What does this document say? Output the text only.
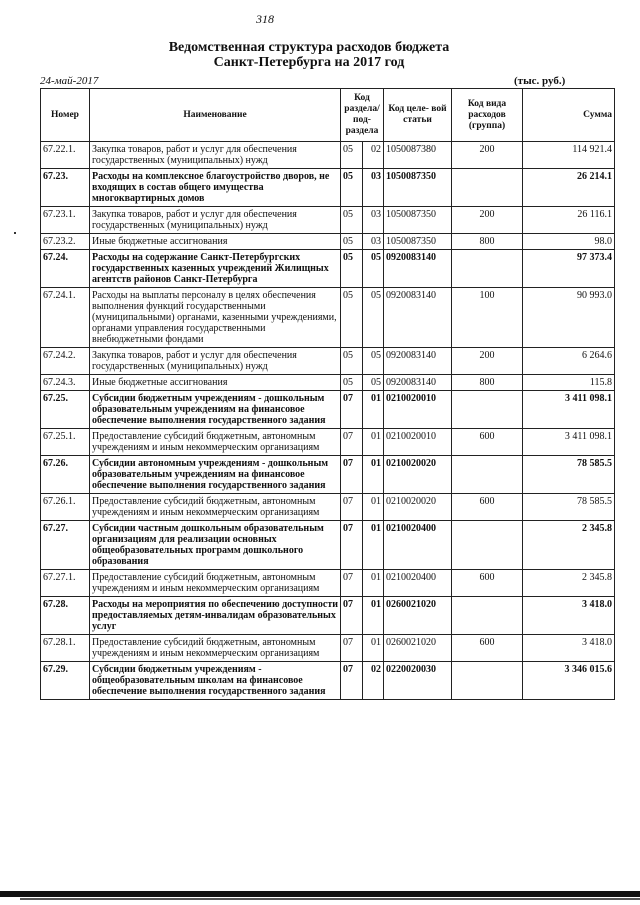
318
Ведомственная структура расходов бюджета
Санкт-Петербурга на 2017 год
24-май-2017	(тыс. руб.)
Номер	Наименование	Код раздела/ под- раздела		Код целе- вой статьи	Код вида расходов (группа)	Сумма
67.22.1.	Закупка товаров, работ и услуг для обеспечения государственных (муниципальных) нужд	05	02	1050087380	200	114 921.4
67.23.	Расходы на комплексное благоустройство дворов, не входящих в состав общего имущества многоквартирных домов	05	03	1050087350		26 214.1
67.23.1.	Закупка товаров, работ и услуг для обеспечения государственных (муниципальных) нужд	05	03	1050087350	200	26 116.1
67.23.2.	Иные бюджетные ассигнования	05	03	1050087350	800	98.0
67.24.	Расходы на содержание Санкт-Петербургских государственных казенных учреждений Жилищных агентств районов Санкт-Петербурга	05	05	0920083140		97 373.4
67.24.1.	Расходы на выплаты персоналу в целях обеспечения выполнения функций государственными (муниципальными) органами, казенными учреждениями, органами управления государственными внебюджетными фондами	05	05	0920083140	100	90 993.0
67.24.2.	Закупка товаров, работ и услуг для обеспечения государственных (муниципальных) нужд	05	05	0920083140	200	6 264.6
67.24.3.	Иные бюджетные ассигнования	05	05	0920083140	800	115.8
67.25.	Субсидии бюджетным учреждениям - дошкольным образовательным учреждениям на финансовое обеспечение выполнения государственного задания	07	01	0210020010		3 411 098.1
67.25.1.	Предоставление субсидий бюджетным, автономным учреждениям и иным некоммерческим организациям	07	01	0210020010	600	3 411 098.1
67.26.	Субсидии автономным учреждениям - дошкольным образовательным учреждениям на финансовое обеспечение выполнения государственного задания	07	01	0210020020		78 585.5
67.26.1.	Предоставление субсидий бюджетным, автономным учреждениям и иным некоммерческим организациям	07	01	0210020020	600	78 585.5
67.27.	Субсидии частным дошкольным образовательным организациям для реализации основных общеобразовательных программ дошкольного образования	07	01	0210020400		2 345.8
67.27.1.	Предоставление субсидий бюджетным, автономным учреждениям и иным некоммерческим организациям	07	01	0210020400	600	2 345.8
67.28.	Расходы на мероприятия по обеспечению доступности предоставляемых детям-инвалидам образовательных услуг	07	01	0260021020		3 418.0
67.28.1.	Предоставление субсидий бюджетным, автономным учреждениям и иным некоммерческим организациям	07	01	0260021020	600	3 418.0
67.29.	Субсидии бюджетным учреждениям - общеобразовательным школам на финансовое обеспечение выполнения государственного задания	07	02	0220020030		3 346 015.6
